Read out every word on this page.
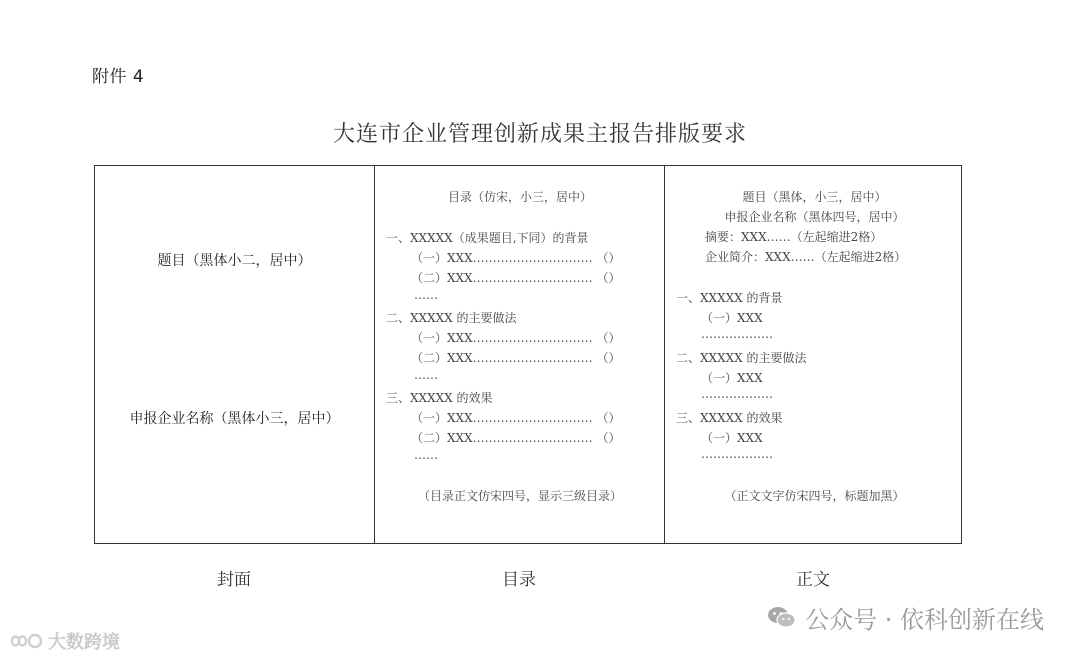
附件 4
大连市企业管理创新成果主报告排版要求
题目（黑体小二，居中）
申报企业名称（黑体小三，居中）
目录（仿宋，小三，居中）
一、XXXXX（成果题目,下同）的背景
（一）XXX………………………… （）
（二）XXX………………………… （）
……
二、XXXXX 的主要做法
（一）XXX………………………… （）
（二）XXX………………………… （）
……
三、XXXXX 的效果
（一）XXX………………………… （）
（二）XXX………………………… （）
……
（目录正文仿宋四号，显示三级目录）
题目（黑体，小三，居中）
申报企业名称（黑体四号，居中）
摘要：XXX……（左起缩进2格）
企业简介：XXX……（左起缩进2格）
一、XXXXX 的背景
（一）XXX
………………
二、XXXXX 的主要做法
（一）XXX
………………
三、XXXXX 的效果
（一）XXX
………………
（正文文字仿宋四号，标题加黑）
封面	目录	正文
大数跨境
公众号 · 依科创新在线
